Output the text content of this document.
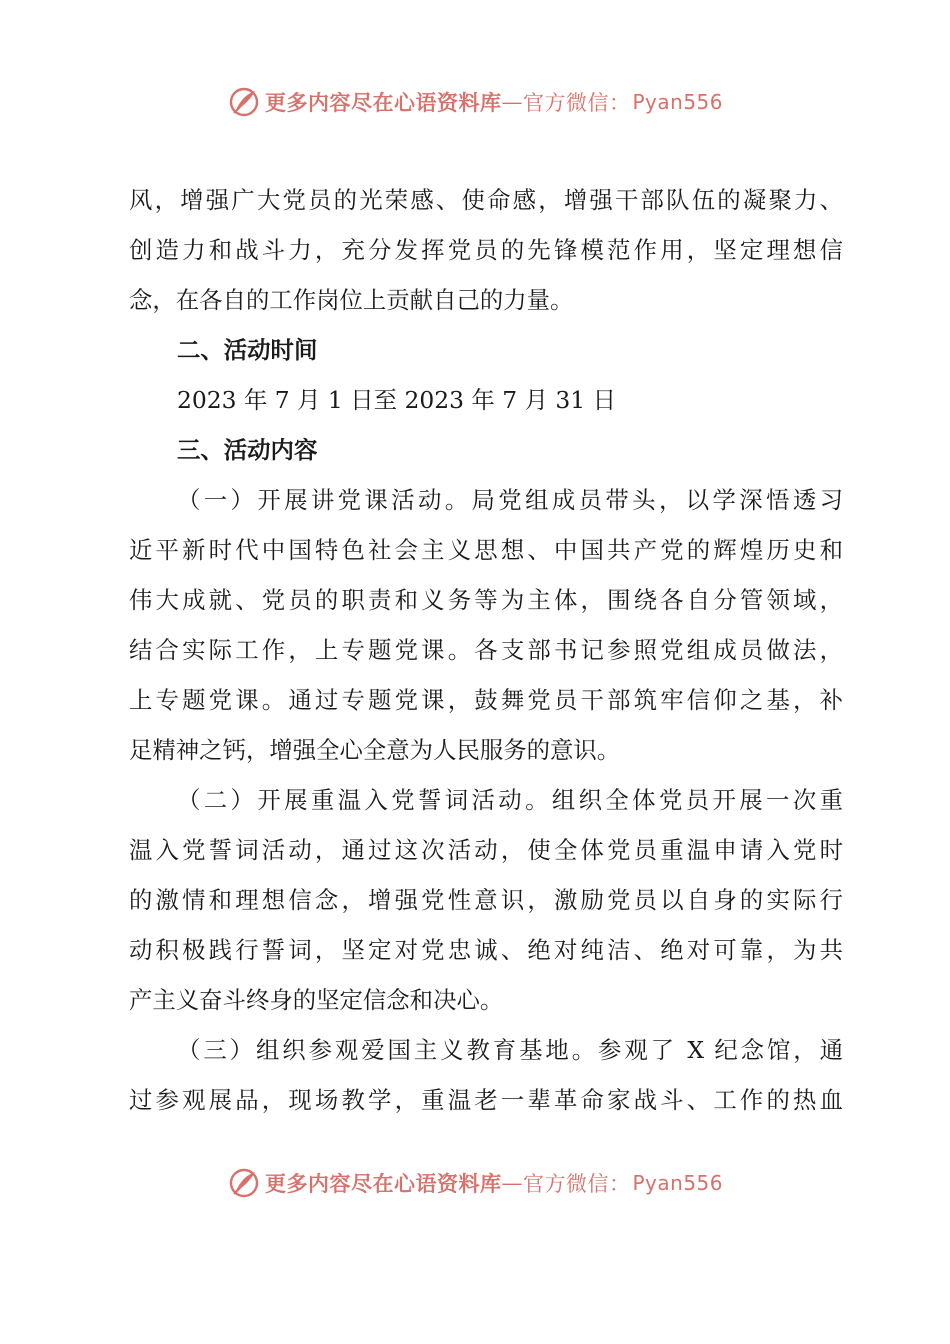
更多内容尽在心语资料库 — 官方微信： Pyan556
风，增强广大党员的光荣感、使命感，增强干部队伍的凝聚力、
创造力和战斗力，充分发挥党员的先锋模范作用，坚定理想信
念，在各自的工作岗位上贡献自己的力量。
二、活动时间
2023 年 7 月 1 日至 2023 年 7 月 31 日
三、活动内容
（一）开展讲党课活动。局党组成员带头，以学深悟透习
近平新时代中国特色社会主义思想、中国共产党的辉煌历史和
伟大成就、党员的职责和义务等为主体，围绕各自分管领域，
结合实际工作，上专题党课。各支部书记参照党组成员做法，
上专题党课。通过专题党课，鼓舞党员干部筑牢信仰之基，补
足精神之钙，增强全心全意为人民服务的意识。
（二）开展重温入党誓词活动。组织全体党员开展一次重
温入党誓词活动，通过这次活动，使全体党员重温申请入党时
的激情和理想信念，增强党性意识，激励党员以自身的实际行
动积极践行誓词，坚定对党忠诚、绝对纯洁、绝对可靠，为共
产主义奋斗终身的坚定信念和决心。
（三）组织参观爱国主义教育基地。参观了 X 纪念馆，通
过参观展品，现场教学，重温老一辈革命家战斗、工作的热血
更多内容尽在心语资料库 — 官方微信： Pyan556
